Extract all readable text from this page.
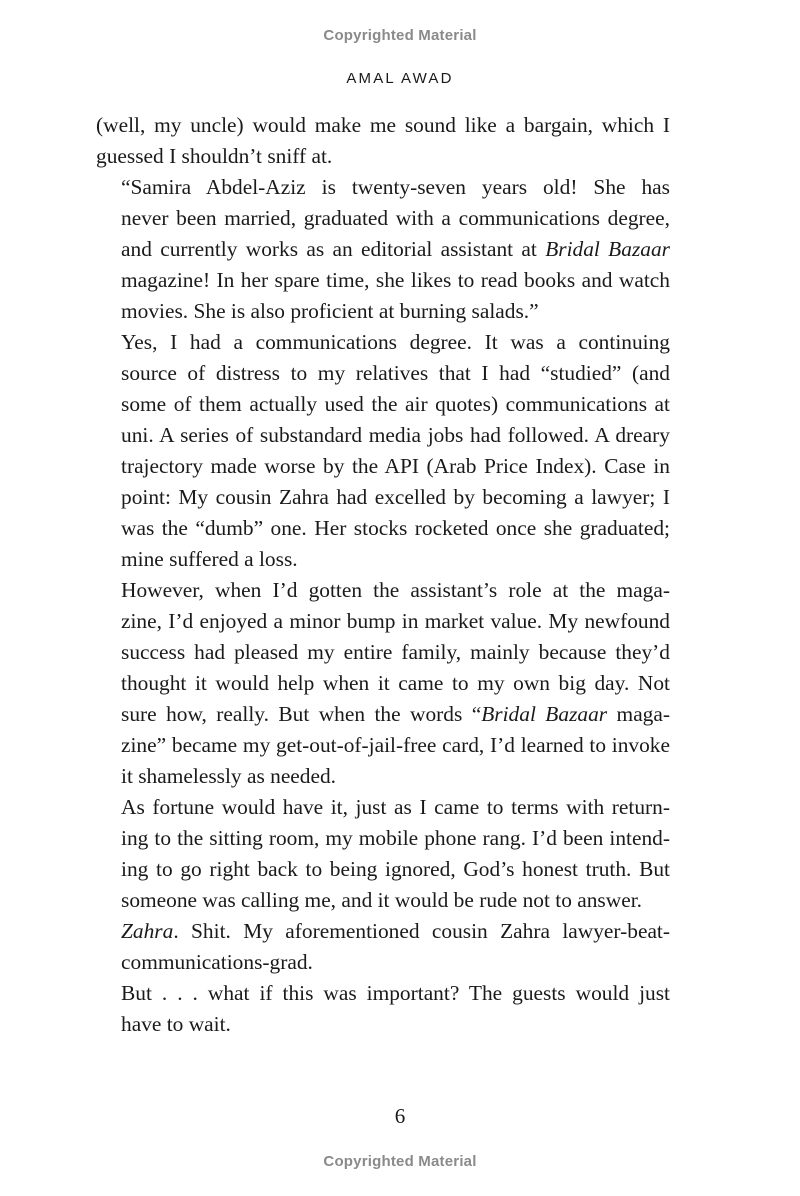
Copyrighted Material
AMAL AWAD

(well, my uncle) would make me sound like a bargain, which I
guessed I shouldn’t sniff at.

“Samira Abdel-Aziz is twenty-seven years old! She has
never been married, graduated with a communications degree,
and currently works as an editorial assistant at Bridal Bazaar
magazine! In her spare time, she likes to read books and watch
movies. She is also proficient at burning salads.”

Yes, I had a communications degree. It was a continuing
source of distress to my relatives that I had “studied” (and
some of them actually used the air quotes) communications at
uni. A series of substandard media jobs had followed. A dreary
trajectory made worse by the API (Arab Price Index). Case in
point: My cousin Zahra had excelled by becoming a lawyer; I
was the “dumb” one. Her stocks rocketed once she graduated;
mine suffered a loss.

However, when I’d gotten the assistant’s role at the maga-
zine, I’d enjoyed a minor bump in market value. My newfound
success had pleased my entire family, mainly because they’d
thought it would help when it came to my own big day. Not
sure how, really. But when the words “Bridal Bazaar maga-
zine” became my get-out-of-jail-free card, I’d learned to invoke
it shamelessly as needed.

As fortune would have it, just as I came to terms with return-
ing to the sitting room, my mobile phone rang. I’d been intend-
ing to go right back to being ignored, God’s honest truth. But
someone was calling me, and it would be rude not to answer.

Zahra. Shit. My aforementioned cousin Zahra lawyer-beat-
communications-grad.

But . . . what if this was important? The guests would just
have to wait.

6
Copyrighted Material
